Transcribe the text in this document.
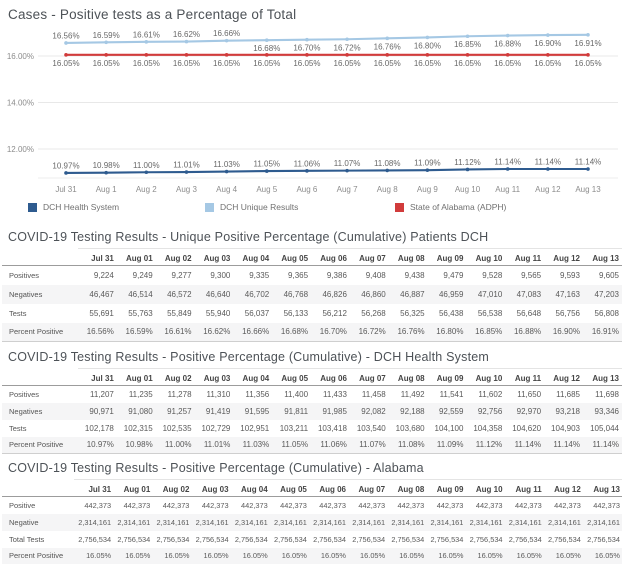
Cases - Positive tests as a Percentage of Total
16.00%
14.00%
12.00%
16.56% 16.59% 16.61% 16.62% 16.66%
16.68% 16.70% 16.72% 16.76% 16.80% 16.85% 16.88% 16.90% 16.91%
16.05% 16.05% 16.05% 16.05% 16.05% 16.05% 16.05% 16.05% 16.05% 16.05% 16.05% 16.05% 16.05% 16.05%
10.97% 10.98% 11.00% 11.01% 11.03% 11.05% 11.06% 11.07% 11.08% 11.09% 11.12% 11.14% 11.14% 11.14%
Jul 31 Aug 1 Aug 2 Aug 3 Aug 4 Aug 5 Aug 6 Aug 7 Aug 8 Aug 9 Aug 10 Aug 11 Aug 12 Aug 13
DCH Health System	DCH Unique Results	State of Alabama (ADPH)
COVID-19 Testing Results - Unique Positive Percentage (Cumulative) Patients DCH
	Jul 31	Aug 01	Aug 02	Aug 03	Aug 04	Aug 05	Aug 06	Aug 07	Aug 08	Aug 09	Aug 10	Aug 11	Aug 12	Aug 13
Positives	9,224	9,249	9,277	9,300	9,335	9,365	9,386	9,408	9,438	9,479	9,528	9,565	9,593	9,605
Negatives	46,467	46,514	46,572	46,640	46,702	46,768	46,826	46,860	46,887	46,959	47,010	47,083	47,163	47,203
Tests	55,691	55,763	55,849	55,940	56,037	56,133	56,212	56,268	56,325	56,438	56,538	56,648	56,756	56,808
Percent Positive	16.56%	16.59%	16.61%	16.62%	16.66%	16.68%	16.70%	16.72%	16.76%	16.80%	16.85%	16.88%	16.90%	16.91%
COVID-19 Testing Results - Positive Percentage (Cumulative) - DCH Health System
	Jul 31	Aug 01	Aug 02	Aug 03	Aug 04	Aug 05	Aug 06	Aug 07	Aug 08	Aug 09	Aug 10	Aug 11	Aug 12	Aug 13
Positives	11,207	11,235	11,278	11,310	11,356	11,400	11,433	11,458	11,492	11,541	11,602	11,650	11,685	11,698
Negatives	90,971	91,080	91,257	91,419	91,595	91,811	91,985	92,082	92,188	92,559	92,756	92,970	93,218	93,346
Tests	102,178	102,315	102,535	102,729	102,951	103,211	103,418	103,540	103,680	104,100	104,358	104,620	104,903	105,044
Percent Positive	10.97%	10.98%	11.00%	11.01%	11.03%	11.05%	11.06%	11.07%	11.08%	11.09%	11.12%	11.14%	11.14%	11.14%
COVID-19 Testing Results - Positive Percentage (Cumulative) - Alabama
	Jul 31	Aug 01	Aug 02	Aug 03	Aug 04	Aug 05	Aug 06	Aug 07	Aug 08	Aug 09	Aug 10	Aug 11	Aug 12	Aug 13
Positive	442,373	442,373	442,373	442,373	442,373	442,373	442,373	442,373	442,373	442,373	442,373	442,373	442,373	442,373
Negative	2,314,161	2,314,161	2,314,161	2,314,161	2,314,161	2,314,161	2,314,161	2,314,161	2,314,161	2,314,161	2,314,161	2,314,161	2,314,161	2,314,161
Total Tests	2,756,534	2,756,534	2,756,534	2,756,534	2,756,534	2,756,534	2,756,534	2,756,534	2,756,534	2,756,534	2,756,534	2,756,534	2,756,534	2,756,534
Percent Positive	16.05%	16.05%	16.05%	16.05%	16.05%	16.05%	16.05%	16.05%	16.05%	16.05%	16.05%	16.05%	16.05%	16.05%
